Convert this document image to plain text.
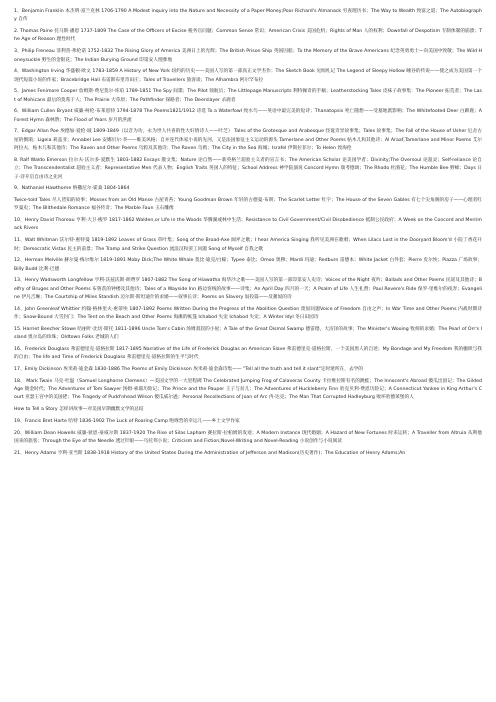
1、Benjamin Franklin 本杰明·富兰克林 1706-1790 A Modest inquiry into the Nature and Necessity of a Paper Money;Poor Richard's Almanack 穷查理历书；The Way to Wealth 致富之道；The Autobiography 自传

2. Thomas Paine 托马斯·潘恩 1737-1809 The Case of the Officers of Excise 税务官问题；Common Sense 常识；American Crisis 美国危机；Rights of Man 人的权利；Downfall of Despotism 专制体制的崩溃；The Age of Reason 理性时代

3、Philip Freneau 菲利普·弗伦诺 1752-1832 The Rising Glory of America 美洲日上的光辉；The British Prison Ship 英国囚船；To the Memory of the Brave Americans 纪念英勇勇士—向美国中致敬；The Wild Honeysuckle 野生的金银花；The Indian Burying Ground 印第安人埋葬地

4、Washington Irving 华盛顿·欧文 1783-1859 A History of New York 纽约的历史——美国人写的第一部真正文学杰作；The Sketch Book 见闻札记 The Legend of Sleepy Hollow 睡谷的传说——使之成为美国第一个现代短篇小说的作家；Bracebridge Hall 布雷斯布里奇田庄；Tales of Travellers 旅客谈；The Alhambra 阿尔罕布拉

5、James Fenimore Cooper 詹姆斯·费尼莫尔·库珀 1789-1851 The Spy 间谍；The Pilot 领航员；The Littlepage Manuscripts 利特佩奇的手稿；Leatherstocking Tales 皮袜子故事集：The Pioneer 拓荒者；The Last of Mohicans 最后的莫希干人；The Prairie 大草原；The Pathfinder 探路者；The Deerslayer 杀鹿者

6、William Cullen Bryant 威廉·柯伦·布莱恩特 1794-1878 The Poems1821/1912 诗选 To a Waterfowl 致水鸟——英语中最完美的短诗；Thanatopsis 死亡随想——受墓地派影响；The Whitefooted Deer 白蹄鹿；A Forest Hymn 森林赞；The Flood of Years 岁月的洪流

7、Edgar Allan Poe 埃德加·爱伦·坡 1809-1849（以音为功，永为世人共喜的性大好情诗人——叶芝） Tales of the Grotesque and Arabesque 怪诞奇异故事集；Tales 故事集；The Fall of the House of Usher 厄舍古屋的倒塌；Ligeia 莉盖亚；Annabel Lee 安娜贝尔·李——唯美风格；自并连代体家小说的先河，又是法国象征主义运动的源头 Tamerlane and Other Poems 帖木儿和其他诗；Al Araaf,Tamerlane and Minor Poems 艾尔阿拉夫，帖木儿和其他诗；The Raven and Other Poems 乌鸦及其他诗；The Raven 乌鸦；The City in the Sea 海城；Israfel 伊斯拉菲尔；To Helen 致海伦

8. Ralf Waldo Emerson 拉尔夫·沃尔多·爱默生 1803-1882 Essays 散文集；Nature 论自然——新英格兰超验主义者的宣言书；The American Scholar 论美国学者；Divinity;The Oversoul 论超灵；Self-reliance 论自立；The Transcendentalist 超验主义者；Representative Men 代表人物；English Traits 英国人的特征；School Address 神学院演说 Concord Hymn 康考德颂；The Rhodo 杜鹃花；The Humble Bee 野蜂；Days 日子·诗开启自由诗之先河

9、Nathaniel Hawthorne 纳撒尼尔·霍桑 1804-1864

Twice-told Tales 尽人皆知的故事；Mosses from an Old Manse 古屋青苔；Young Goodman Brown 年轻的古德曼·布朗；The Scarlet Letter 红字；The House of the Seven Gables 有七个尖角阁的房子——心理者红罗曼史；The Blithedale Romance 福谷传奇；The Marble Faun 玉石雕像

10、Henry David Thoreau 亨利·大卫·梭罗 1817-1862 Walden,or Life in the Woods 华腾湖或林中生活；Resistance to Civil Government/Civil Disobedience 抵制公民政府；A Week on the Concord and Merrimack Rivers

11、Walt Whitman 沃尔特·惠特曼 1819-1892 Leaves of Grass 草叶集；Song of the Broad-Axe 阔斧之歌；I hear America Singing 我听见美洲在歌唱；When Lilacs Lost in the Dooryard Bloom'd 小院丁香花开时；Democratic Vistas 民主的前景；The Tramp and Strike Question 流浪汉和罢工问题 Song of Myself 自我之歌

12、Herman Melville 赫尔曼·梅尔维尔 1819-1891 Moby Dick;The White Whale 莫比·迪克/白鲸；Typee 泰比；Omoo 奥穆；Mardi 玛迪；Redburn 雷德本；White Jacket 白外套；Pierre 皮尔埃；Piazza 广场故事；Billy Budd 比利·巴德

13、Henry Wadsworth Longfellow 亨利·沃兹沃斯·朗费罗 1807-1882 The Song of Hiawatha 海华沙之歌——美国人写的第一部印第安人史诗；Voices of the Night 夜吟；Ballads and Other Poems 民谣及其他诗；Belfry of Bruges and Other Poems 布鲁茨的钟楼及其他诗；Tales of a Wayside Inn 路边客栈的故事——诗集；An April Day 四月的一天；A Psalm of Life 人生礼赞；Paul Revere's Ride 保罗·里维尔的夜奔；Evangeline 伊凡吉琳；The Courtship of Miles Standish 迈尔斯·斯坦迪什的求婚——叙事长诗；Poems on Slavery 奴役篇——反蓄奴的诗

14、John Greenleaf Whittier 约翰·格林里夫·惠蒂埃 1807-1892 Poems Written During the Progress of the Abolition Question 废奴问题Voice of Freedom 自由之声；In War Time and Other Poems 内战时期诗作；Snow-Bound 大雪封门；The Tent on the Beach and Other Poems 海滩的帐篷 Ichabod 失宠 Ichabod 失宠；A Winter Idyl 冬日田园诗

15. Harriet Beecher Stowe 哈丽叶·比切·斯托 1811-1896 Uncle Tom's Cabin 汤姆叔叔的小屋；A Tale of the Great Dismal Swamp 德雷德，大沼泽的故事；The Minister's Wooing 牧师的求婚；The Pearl of Orr's Island 奥尔岛的珍珠；Oldtown Folks 老城的人们

16、Frederick Douglass 弗雷德里克·道格拉斯 1817-1895 Narrative of the Life of Frederick Douglas an American Slave 弗雷德里克·道格拉斯，一个美国黑人的自述；My Bondage and My Freedom 我的枷锁与我的自由；The life and Time of Frederick Douglass 弗雷德里克·道格拉斯的生平与时代

17、Emily Dickinson 埃米莉·迪金森 1830-1886 The Poems of Emily Dickinson 埃米莉·迪金森诗集—— "Tell all the truth and tell it slant"定时迷所在，去学的

18、 Mark Twain 马克·吐温（Samuel Longhorne Clemens）—美国文学的一大里程碑 The Celebrated Jumping Frog of Calaveras County 卡拉维拉斯有名的跳蛙；The Innocent's Abroad 傻瓜出国记；The Gilded Age 镀金时代；The Adventures of Tom Sawyer 汤姆·索耶历险记；The Prince and the Pauper 王子与贫儿；The Adventures of Huckleberry Finn 哈克贝利·费恩历险记；A Connecticut Yankee in King Arthur's Court 亚瑟王宫中的美国佬；The Tragedy of Pudd'nhead Wilson 傻瓜威尔逊；Personal Recollections of Joan of Arc 冉·达克；The Man That Corrupted Hadleyburg 败坏哈德莱堡的人

How to Tell a Story 怎样讲故事—对美国早期幽默文学的总结

19、Francis Bret Harte 哈特 1836-1902 The Luck of Roaring Camp 咆哮营的幸运儿——乡土文学作家

20、William Dean Howells 威廉·狄恩·豪威尔斯 1837-1920 The Rise of Silas Lapham 赛拉斯·拉帕姆的发迹；A Modern Instance 现代婚姻；A Hazard of New Fortunes 时来运转；A Traveller from Altruia 从利他国来的旅客；Through the Eye of the Needle 透过针眼——乌托邦小说；Criticism and Fiction;Novel-Writing and Novel-Reading 小说创作与小说阅读

21、Henry Adams 亨利·亚当斯 1838-1918 History of the United States During the Administration of Jefferson and Madison(历史著作)；The Education of Henry Adams;An
